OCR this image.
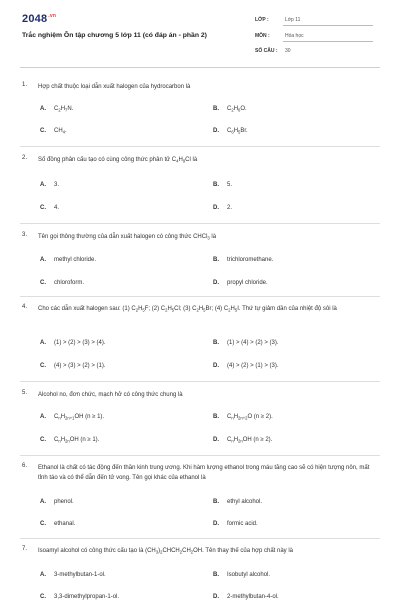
$2048^{.vn}$
Trắc nghiệm Ôn tập chương 5 lớp 11 (có đáp án - phần 2)
LỚP :	Lớp 11
MÔN :	Hóa học
SỐ CÂU : 30
1. Hợp chất thuộc loại dẫn xuất halogen của hydrocarbon là
A. $C_2H_7N$.	B. $C_2H_6O$.
C. $CH_4$.	D. $C_6H_5Br$.
2. Số đồng phân cấu tạo có cùng công thức phân tử $C_4H_9Cl$ là
A. 3.	B. 5.
C. 4.	D. 2.
3. Tên gọi thông thường của dẫn xuất halogen có công thức CHCl$_3$ là
A. methyl chloride.	B. trichloromethane.
C. chloroform.	D. propyl chloride.
4. Cho các dẫn xuất halogen sau: (1) $C_2H_5F$; (2) $C_2H_5Cl$; (3) $C_2H_5Br$; (4) $C_2H_5I$. Thứ tự giảm dần của nhiệt độ sôi là
A. (1) > (2) > (3) > (4).	B. (1) > (4) > (2) > (3).
C. (4) > (3) > (2) > (1).	D. (4) > (2) > (1) > (3).
5. Alcohol no, đơn chức, mạch hở có công thức chung là
A. $C_nH_{2n+1}OH$ (n ≥ 1).	B. $C_nH_{2n+2}O$ (n ≥ 2).
C. $C_nH_{2n}OH$ (n ≥ 1).	D. $C_nH_{2n}OH$ (n ≥ 2).
6. Ethanol là chất có tác động đến thần kinh trung ương. Khi hàm lượng ethanol trong máu tăng cao sẽ có hiện tượng nôn, mất tỉnh táo và có thể dẫn đến tử vong. Tên gọi khác của ethanol là
A. phenol.	B. ethyl alcohol.
C. ethanal.	D. formic acid.
7. Isoamyl alcohol có công thức cấu tạo là $(CH_3)_2CHCH_2CH_2OH$. Tên thay thế của hợp chất này là
A. 3-methylbutan-1-ol.	B. Isobutyl alcohol.
C. 3,3-dimethylpropan-1-ol.	D. 2-methylbutan-4-ol.
